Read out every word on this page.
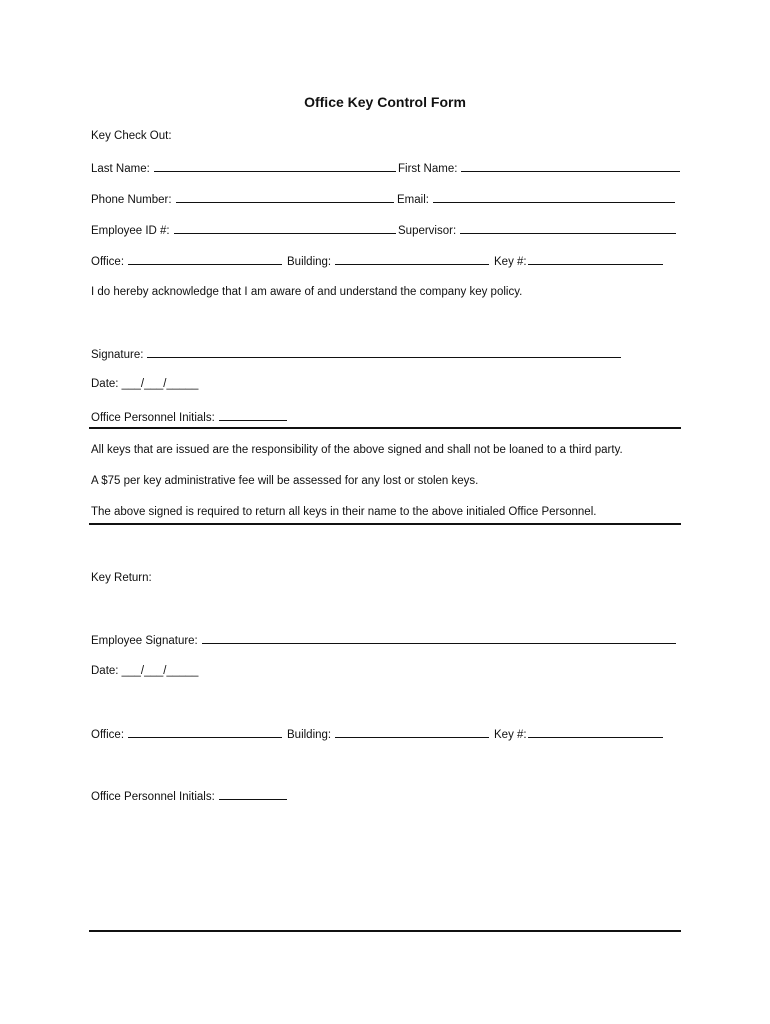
Office Key Control Form
Key Check Out:
Last Name:	First Name:
Phone Number:	Email:
Employee ID #:	Supervisor:
Office:	Building:	Key #:
I do hereby acknowledge that I am aware of and understand the company key policy.
Signature:
Date: ___/___/_____
Office Personnel Initials:
All keys that are issued are the responsibility of the above signed and shall not be loaned to a third party.
A $75 per key administrative fee will be assessed for any lost or stolen keys.
The above signed is required to return all keys in their name to the above initialed Office Personnel.
Key Return:
Employee Signature:
Date: ___/___/_____
Office:	Building:	Key #:
Office Personnel Initials:
